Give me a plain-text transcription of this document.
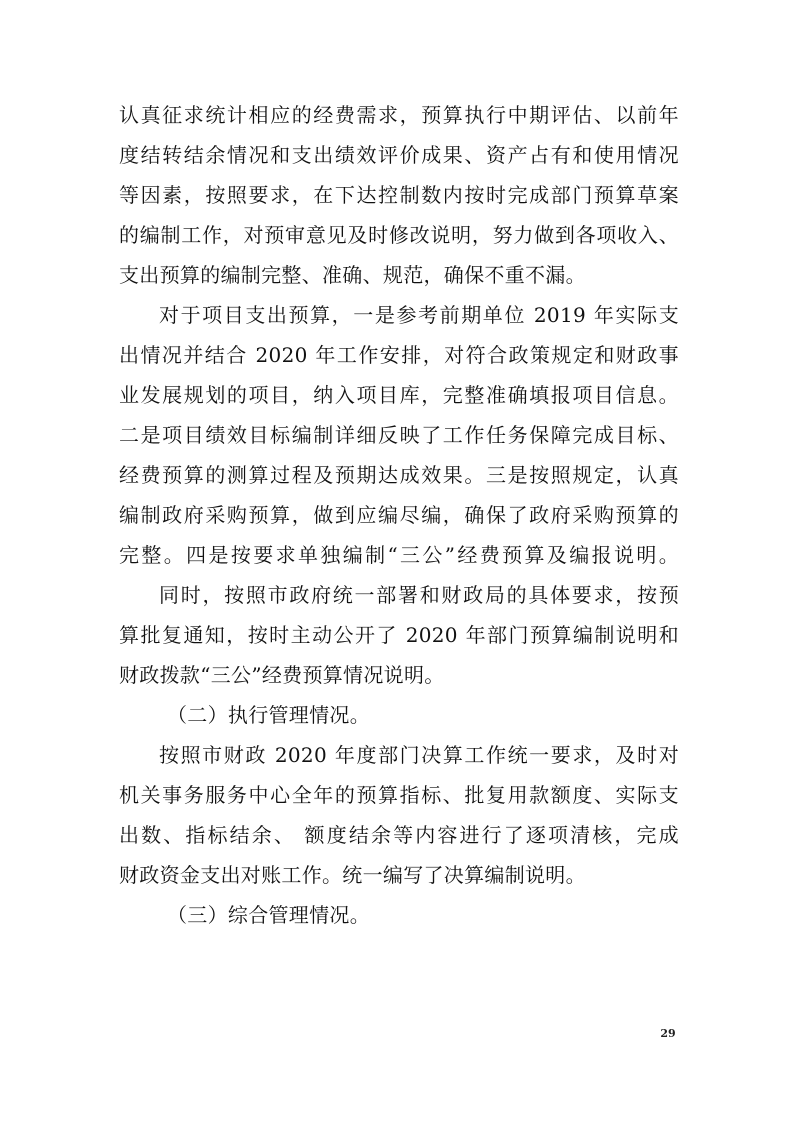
认真征求统计相应的经费需求，预算执行中期评估、以前年
度结转结余情况和支出绩效评价成果、资产占有和使用情况
等因素，按照要求，在下达控制数内按时完成部门预算草案
的编制工作，对预审意见及时修改说明，努力做到各项收入、
支出预算的编制完整、准确、规范，确保不重不漏。
对于项目支出预算，一是参考前期单位 2019 年实际支
出情况并结合 2020 年工作安排，对符合政策规定和财政事
业发展规划的项目，纳入项目库，完整准确填报项目信息。
二是项目绩效目标编制详细反映了工作任务保障完成目标、
经费预算的测算过程及预期达成效果。三是按照规定，认真
编制政府采购预算，做到应编尽编，确保了政府采购预算的
完整。四是按要求单独编制“三公”经费预算及编报说明。
同时，按照市政府统一部署和财政局的具体要求，按预
算批复通知，按时主动公开了 2020 年部门预算编制说明和
财政拨款“三公”经费预算情况说明。
（二）执行管理情况。
按照市财政 2020 年度部门决算工作统一要求，及时对
机关事务服务中心全年的预算指标、批复用款额度、实际支
出数、指标结余、 额度结余等内容进行了逐项清核，完成
财政资金支出对账工作。统一编写了决算编制说明。
（三）综合管理情况。
29
